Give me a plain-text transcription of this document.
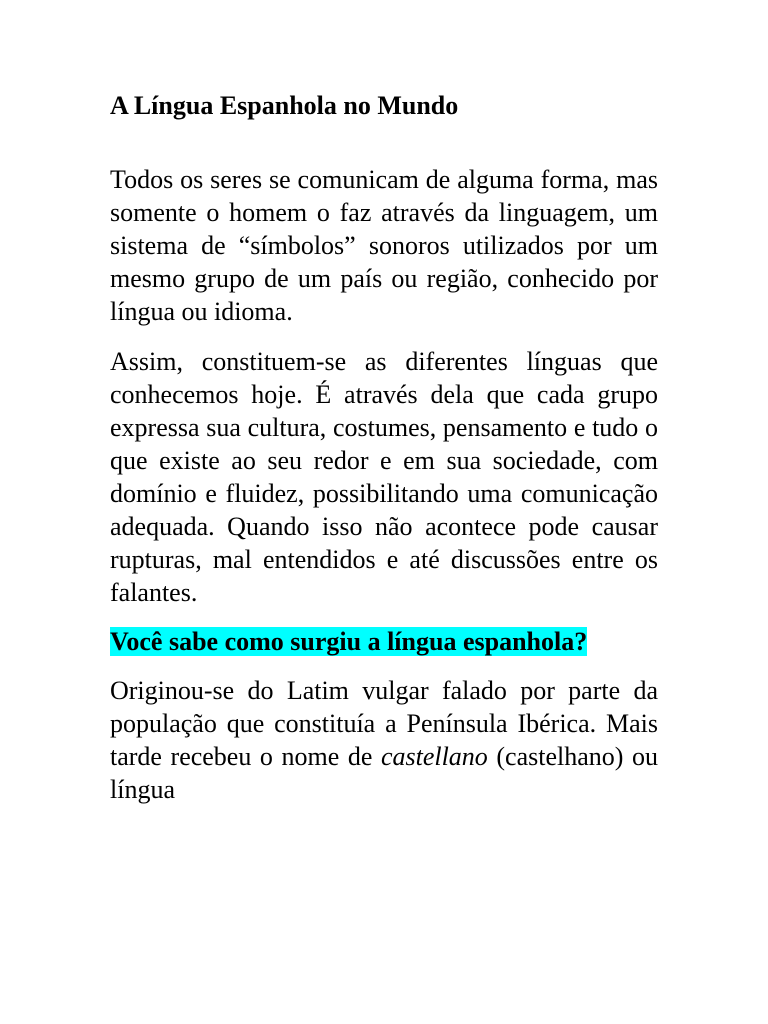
A Língua Espanhola no Mundo

Todos os seres se comunicam de alguma forma, mas somente o homem o faz através da linguagem, um sistema de “símbolos” sonoros utilizados por um mesmo grupo de um país ou região, conhecido por língua ou idioma.

Assim, constituem-se as diferentes línguas que conhecemos hoje. É através dela que cada grupo expressa sua cultura, costumes, pensamento e tudo o que existe ao seu redor e em sua sociedade, com domínio e fluidez, possibilitando uma comunicação adequada. Quando isso não acontece pode causar rupturas, mal entendidos e até discussões entre os falantes.

Você sabe como surgiu a língua espanhola?

Originou-se do Latim vulgar falado por parte da população que constituía a Península Ibérica. Mais tarde recebeu o nome de castellano (castelhano) ou língua
